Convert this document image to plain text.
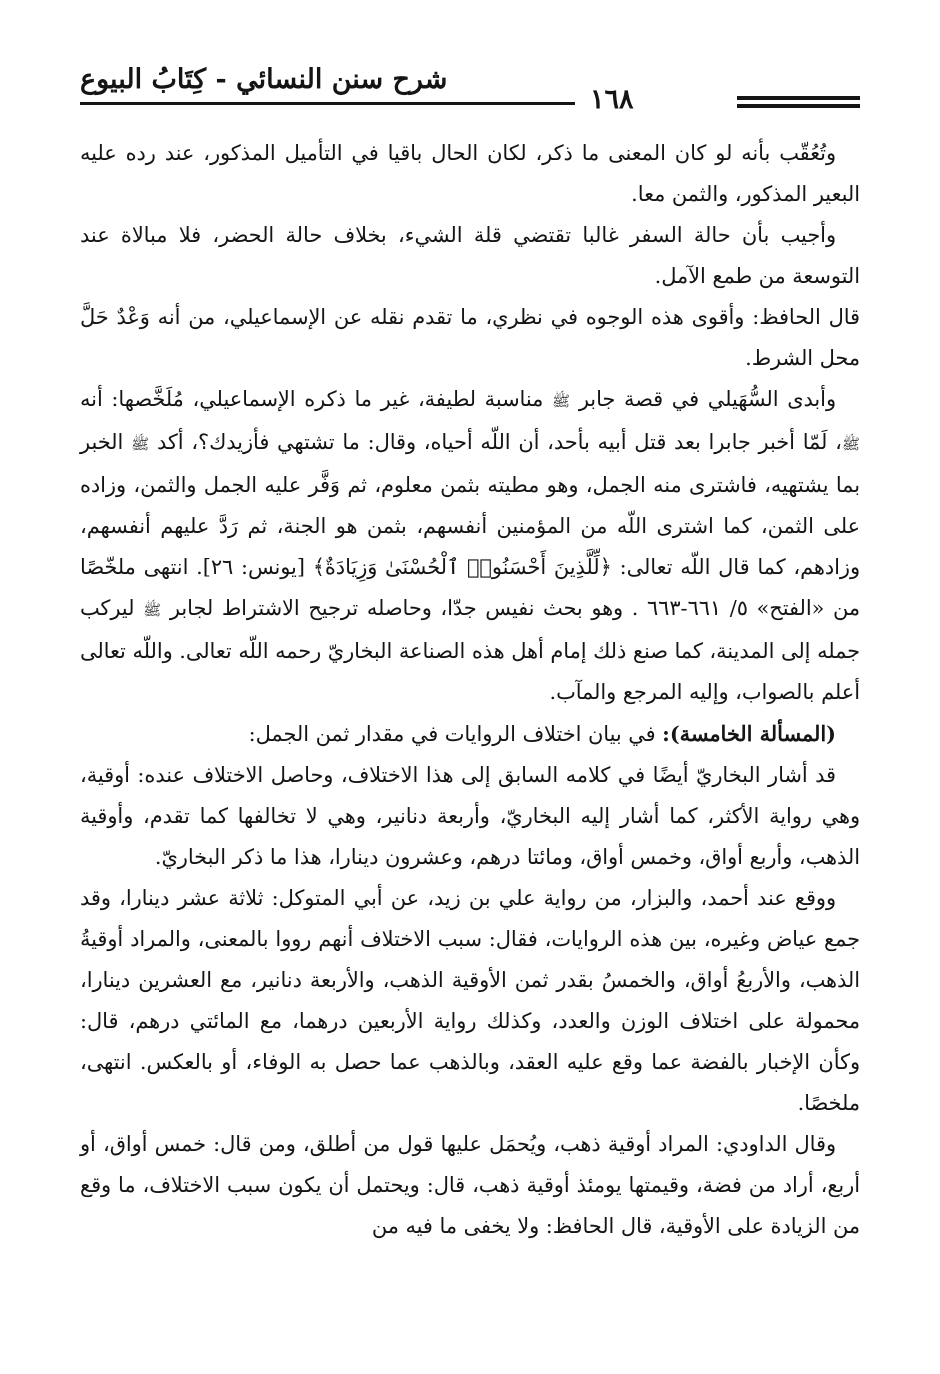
شرح سنن النسائي - كِتَابُ البيوع
١٦٨

وتُعُقّب بأنه لو كان المعنى ما ذكر، لكان الحال باقيا في التأميل المذكور، عند رده عليه البعير المذكور، والثمن معا.

وأجيب بأن حالة السفر غالبا تقتضي قلة الشيء، بخلاف حالة الحضر، فلا مبالاة عند التوسعة من طمع الآمل.

قال الحافظ: وأقوى هذه الوجوه في نظري، ما تقدم نقله عن الإسماعيلي، من أنه وَعْدٌ حَلَّ محل الشرط.

وأبدى السُّهَيلي في قصة جابر ﷺ مناسبة لطيفة، غير ما ذكره الإسماعيلي، مُلَخَّصها: أنه ﷺ، لَمّا أخبر جابرا بعد قتل أبيه بأحد، أن اللّه أحياه، وقال: ما تشتهي فأزيدك؟، أكد ﷺ الخبر بما يشتهيه، فاشترى منه الجمل، وهو مطيته بثمن معلوم، ثم وَفَّر عليه الجمل والثمن، وزاده على الثمن، كما اشترى اللّه من المؤمنين أنفسهم، بثمن هو الجنة، ثم رَدَّ عليهم أنفسهم، وزادهم، كما قال اللّه تعالى: ﴿لِّلَّذِينَ أَحْسَنُوا۟ ٱلْحُسْنَىٰ وَزِيَادَةٌ﴾ [يونس: ٢٦]. انتهى ملخّصًا من «الفتح» ٥/ ٦٦١-٦٦٣ . وهو بحث نفيس جدّا، وحاصله ترجيح الاشتراط لجابر ﷺ ليركب جمله إلى المدينة، كما صنع ذلك إمام أهل هذه الصناعة البخاريّ رحمه اللّه تعالى. واللّه تعالى أعلم بالصواب، وإليه المرجع والمآب.

(المسألة الخامسة): في بيان اختلاف الروايات في مقدار ثمن الجمل:

قد أشار البخاريّ أيضًا في كلامه السابق إلى هذا الاختلاف، وحاصل الاختلاف عنده: أوقية، وهي رواية الأكثر، كما أشار إليه البخاريّ، وأربعة دنانير، وهي لا تخالفها كما تقدم، وأوقية الذهب، وأربع أواق، وخمس أواق، ومائتا درهم، وعشرون دينارا، هذا ما ذكر البخاريّ.

ووقع عند أحمد، والبزار، من رواية علي بن زيد، عن أبي المتوكل: ثلاثة عشر دينارا، وقد جمع عياض وغيره، بين هذه الروايات، فقال: سبب الاختلاف أنهم رووا بالمعنى، والمراد أوقيةُ الذهب، والأربعُ أواق، والخمسُ بقدر ثمن الأوقية الذهب، والأربعة دنانير، مع العشرين دينارا، محمولة على اختلاف الوزن والعدد، وكذلك رواية الأربعين درهما، مع المائتي درهم، قال: وكأن الإخبار بالفضة عما وقع عليه العقد، وبالذهب عما حصل به الوفاء، أو بالعكس. انتهى، ملخصًا.

وقال الداودي: المراد أوقية ذهب، ويُحمَل عليها قول من أطلق، ومن قال: خمس أواق، أو أربع، أراد من فضة، وقيمتها يومئذ أوقية ذهب، قال: ويحتمل أن يكون سبب الاختلاف، ما وقع من الزيادة على الأوقية، قال الحافظ: ولا يخفى ما فيه من
